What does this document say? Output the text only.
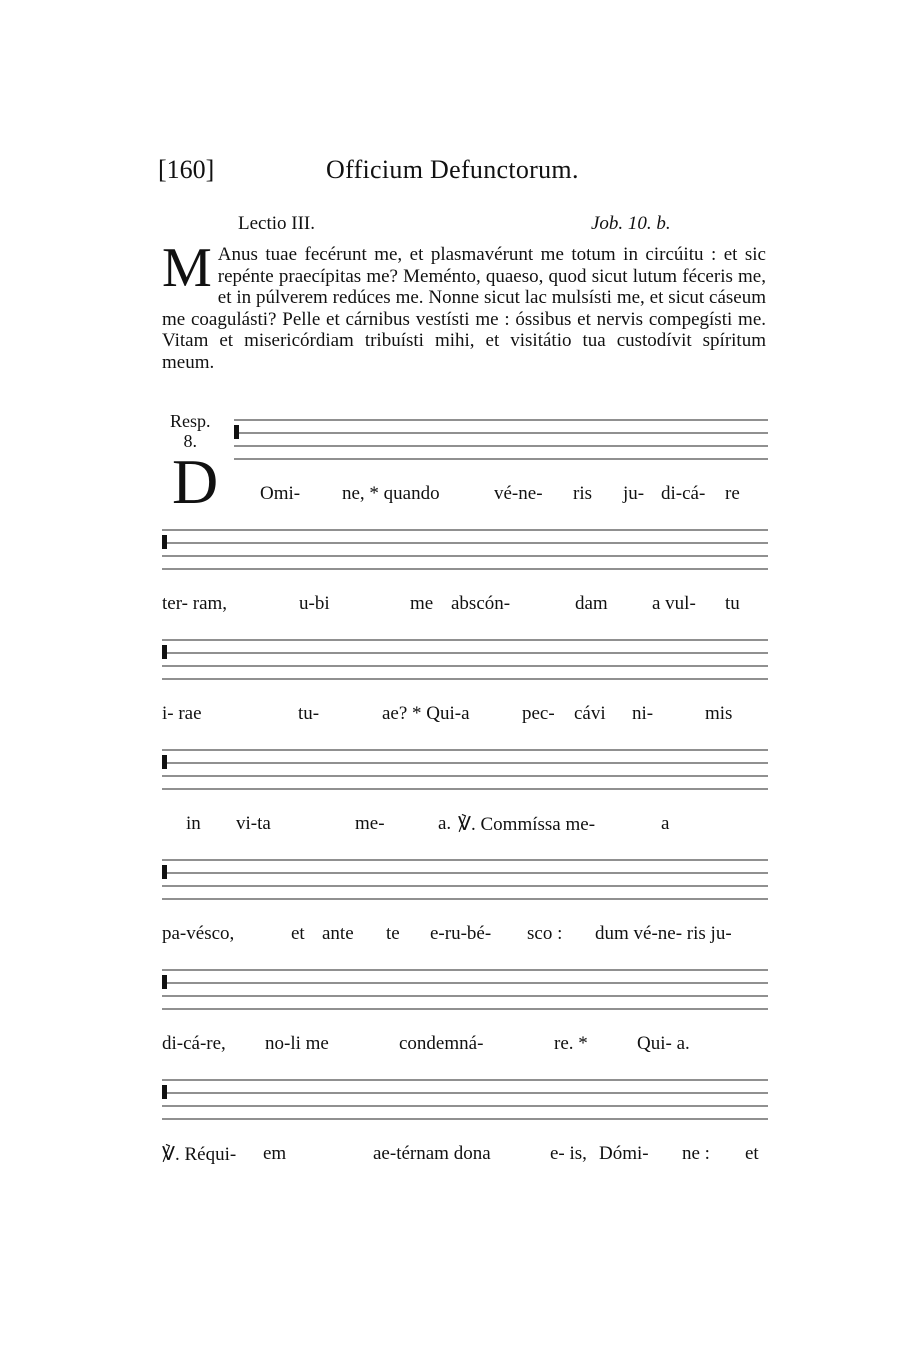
[160]	Officium Defunctorum.
Lectio III.	Job. 10. b.
M Anus tuae fecérunt me, et plasmavérunt me totum in circúitu : et sic repénte praecípitas me? Meménto, quaeso, quod sicut lutum féceris me, et in púlverem redúces me. Nonne sicut lac mulsísti me, et sicut cáseum me coagulásti? Pelle et cárnibus vestísti me : óssibus et nervis compegísti me. Vitam et misericórdiam tribuísti mihi, et visitátio tua custodívit spíritum meum.
Resp.
8.
D Omi- ne, * quando	vé-ne- ris ju- di-cá- re
ter- ram,	u-bi	me abscón-	dam a vul- tu
i- rae	tu-	ae? * Qui-a	pec- cávi ni-	mis
in vi-ta	me-	a. ℣. Commíssa me-	a
pa-vésco,	et ante te e-ru-bé- sco : dum vé-ne- ris ju-
di-cá-re, no-li me	condemná-	re. *	Qui- a.
℣. Réqui- em	ae-térnam dona	e- is, Dómi- ne : et
